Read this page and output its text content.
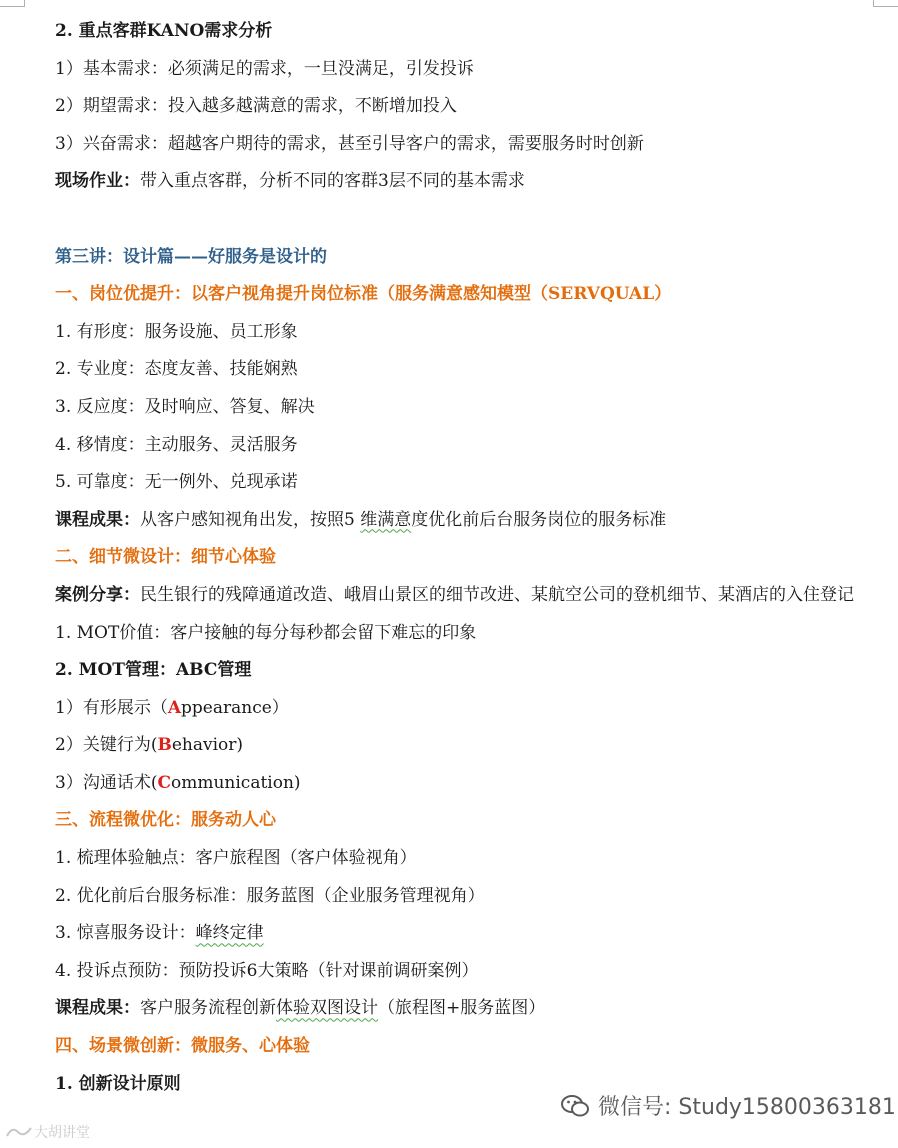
2. 重点客群KANO需求分析
1）基本需求：必须满足的需求，一旦没满足，引发投诉
2）期望需求：投入越多越满意的需求，不断增加投入
3）兴奋需求：超越客户期待的需求，甚至引导客户的需求，需要服务时时创新
现场作业：带入重点客群，分析不同的客群3层不同的基本需求
第三讲：设计篇——好服务是设计的
一、岗位优提升：以客户视角提升岗位标准（服务满意感知模型（SERVQUAL）
1. 有形度：服务设施、员工形象
2. 专业度：态度友善、技能娴熟
3. 反应度：及时响应、答复、解决
4. 移情度：主动服务、灵活服务
5. 可靠度：无一例外、兑现承诺
课程成果：从客户感知视角出发，按照5 维满意度优化前后台服务岗位的服务标准
二、细节微设计：细节心体验
案例分享：民生银行的残障通道改造、峨眉山景区的细节改进、某航空公司的登机细节、某酒店的入住登记
1. MOT价值：客户接触的每分每秒都会留下难忘的印象
2. MOT管理：ABC管理
1）有形展示（Appearance）
2）关键行为(Behavior)
3）沟通话术(Communication)
三、流程微优化：服务动人心
1. 梳理体验触点：客户旅程图（客户体验视角）
2. 优化前后台服务标准：服务蓝图（企业服务管理视角）
3. 惊喜服务设计：峰终定律
4. 投诉点预防：预防投诉6大策略（针对课前调研案例）
课程成果：客户服务流程创新体验双图设计（旅程图+服务蓝图）
四、场景微创新：微服务、心体验
1. 创新设计原则
微信号: Study15800363181
大胡讲堂
